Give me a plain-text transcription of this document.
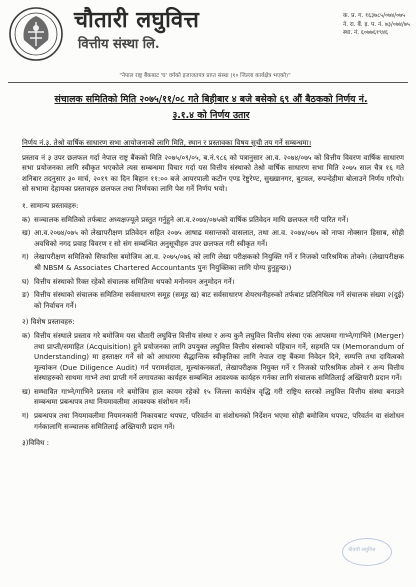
चौतारी लघुवित्त
वित्तीय संस्था लि.
"नेपाल राष्ट्र बैंकबाट 'घ' वर्गको इजाजतपत्र प्राप्त संस्था (१० जिल्ला कार्यक्षेत्र भएको)"
क. प्र. ग. १६३७८५/०७४/०७५
ने. रा. बैं. इ. प. नं. ७३/०७४/७५
स्था. नं. ६०७७६१९४६
संचालक समितिको मिति २०७५/११/०८ गते बिहीबार ४ बजे बसेको ६९ औं बैठकको निर्णय नं.
३.१.४ को निर्णय उतार

निर्णय नं.३. तेश्रो वार्षिक साधारण सभा आयोजनाको लागि मिति, स्थान र प्रस्तावका विषय सूची तय गर्ने सम्बन्धमा।

प्रस्ताव नं ३ उपर छलफल गर्दा नेपाल राष्ट्र बैंकको मिति २०७५/०९/०५, ब.नं.९८६ को पत्रानुसार आ.व. २०७४/०७५ को वित्तीय विवरण वार्षिक साधारण सभा प्रयोजनका लागि स्वीकृत भएकोले त्यस सम्बन्धमा विचार गर्दा यस वित्तीय संस्थाको तेश्रो वार्षिक साधारण सभा मिति २०७५ साल चैत्र १६ गते शनिबार तदनुसार ३० मार्च, २०१९ का दिन बिहान ११:०० बजे आयरपाली कटौन एण्ड रेष्टुरेण्ट, सुख्खानगर, बुटवल, रुपन्देहीमा बोलाउने निर्णय गरियो। सो सभामा देहायका प्रस्तावहरु छलफल तथा निर्णयका लागि पेश गर्ने निर्णय भयो।

१. सामान्य प्रस्तावहरु:
क) सञ्चालक समितिको तर्फबाट अध्यक्षज्यूले प्रस्तुत गर्नुहुने आ.व.२०७४/०७५को वार्षिक प्रतिवेदन माथि छलफल गरी पारित गर्ने।
ख) आ.व.२०७४/०७५ को लेखापरीक्षण प्रतिवेदन सहित २०७५ आषाढ मसान्तको वासलात, तथा आ.व. २०७४/०७५ को नाफा नोक्सान हिसाब, सोही अवधिको नगद प्रवाह विवरण र सो संग सम्बन्धित अनुसूचीहरु उपर छलफल गरी स्वीकृत गर्ने।
ग) लेखापरीक्षण समितिको सिफारिस बमोजिम आ.व. २०७५/०७६ को लागि लेखा परीक्षकको नियुक्ति गर्ने र निजको पारिश्रमिक तोक्ने। (लेखापरीक्षक श्री NBSM & Associates Chartered Accountants पुनः नियुक्तिका लागि योग्य हुनुहुन्छ।)
घ) वित्तीय संस्थाको रिक्त रहेको संचालक समितिमा थपको मनोनयन अनुमोदन गर्ने।
ङ) वित्तीय संस्थाको संचालक समितिमा सर्वसाधारण समूह (समूह ख) बाट सर्वसाधारण शेयरधनीहरुको तर्फबाट प्रतिनिधित्व गर्ने संचालक संख्या २(दुई) को निर्वाचन गर्ने।
२) विशेष प्रस्तावहरु:
क) वित्तीय संस्थाले प्रस्ताव गरे बमोजिम यस चौतारी लघुवित्त वित्तीय संस्था र अन्य कुनै लघुवित्त वित्तीय संस्था एक आपसमा गाभ्ने/गाभिने (Merger) तथा प्राप्ती/समाहित (Acquisition) हुने प्रयोजनका लागि उपयुक्त लघुवित्त वित्तीय संस्थाको पहिचान गर्ने, सहमति पत्र (Memorandum of Understanding) मा हस्ताक्षर गर्ने सो को आधारमा सैद्धान्तिक स्वीकृतिका लागि नेपाल राष्ट्र बैंकमा निवेदन दिने, सम्पत्ति तथा दायित्वको मूल्यांकन (Due Diligence Audit) गर्न परामर्शदाता, मूल्यांकनकर्ता, लेखापरीक्षक नियुक्त गर्ने र निजको पारिश्रमिक तोक्ने र अन्य वित्तीय संस्थाहरुको साथमा गाभ्ने तथा प्राप्ती गर्ने लगायतका कार्यहरु सम्बन्धित आवश्यक कार्यहरु गर्नका लागि संचालक समितिलाई अख्तियारी प्रदान गर्ने।
ख) सम्भावित गाभ्ने/गाभिने प्रस्ताव गरे बमोजिम हाल कायम रहेको १५ जिल्ला कार्यक्षेत्र वृद्धि गरी राष्ट्रिय स्तरको लघुवित्त वित्तीय संस्था बनाउने सम्बन्धमा प्रबन्धपत्र तथा नियमावलीमा आवश्यक संशोधन गर्ने।
ग) प्रबन्धपत्र तथा नियमावलीमा नियमनकारी निकायबाट थपघट, परिवर्तन वा संशोधनको निर्देशन भएमा सोही बमोजिम थपघट, परिवर्तन वा संशोधन गर्नकालागि सञ्चालक समितिलाई अख्तियारी प्रदान गर्ने।
३)विविध :
चौतारी लघुवित्त
